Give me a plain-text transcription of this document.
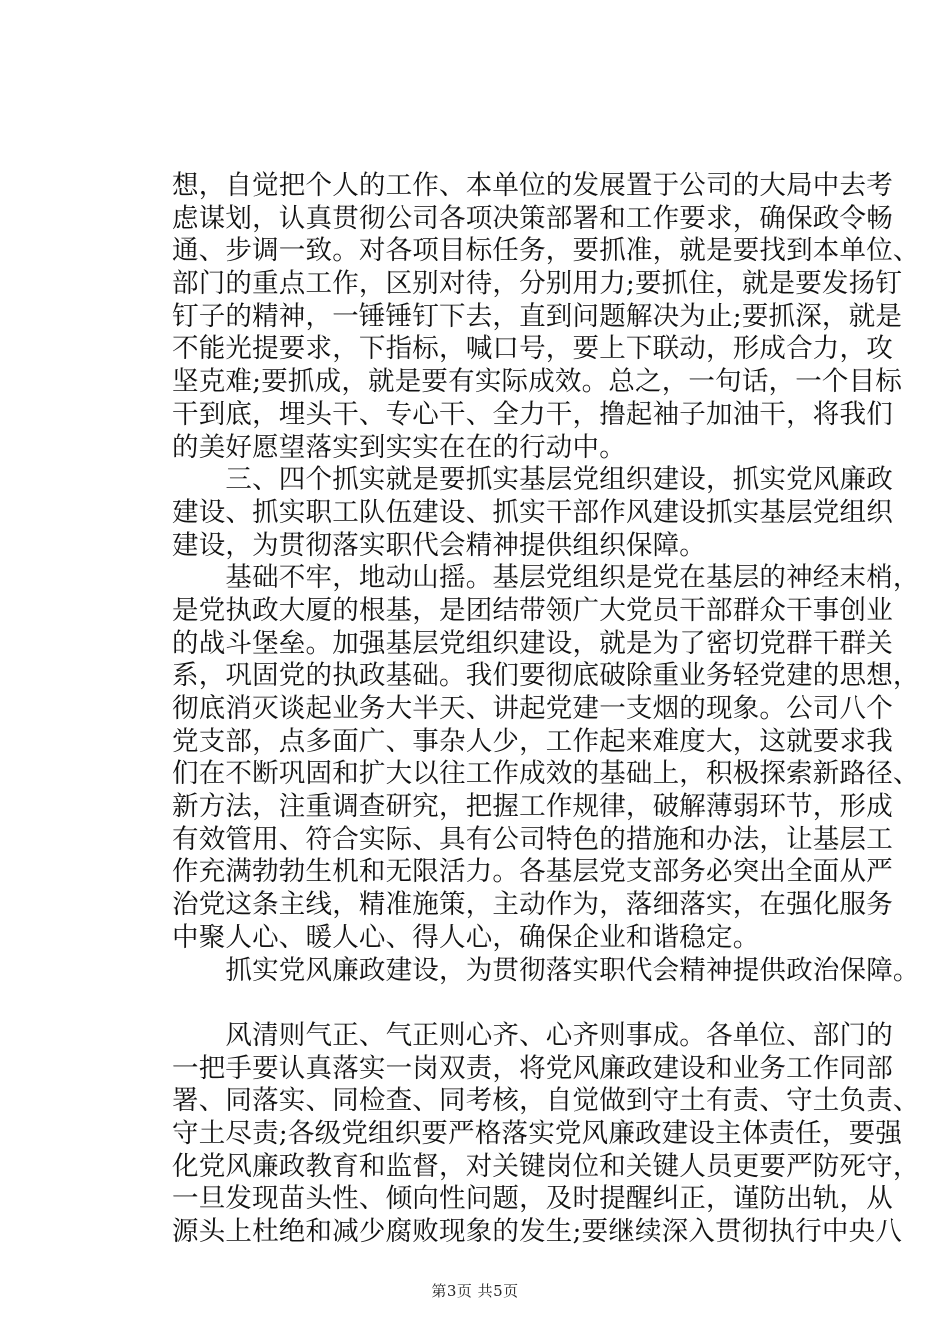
想，自觉把个人的工作、本单位的发展置于公司的大局中去考
虑谋划，认真贯彻公司各项决策部署和工作要求，确保政令畅
通、步调一致。对各项目标任务，要抓准，就是要找到本单位、
部门的重点工作，区别对待，分别用力;要抓住，就是要发扬钉
钉子的精神，一锤锤钉下去，直到问题解决为止;要抓深，就是
不能光提要求，下指标，喊口号，要上下联动，形成合力，攻
坚克难;要抓成，就是要有实际成效。总之，一句话，一个目标
干到底，埋头干、专心干、全力干，撸起袖子加油干，将我们
的美好愿望落实到实实在在的行动中。
　　三、四个抓实就是要抓实基层党组织建设，抓实党风廉政
建设、抓实职工队伍建设、抓实干部作风建设抓实基层党组织
建设，为贯彻落实职代会精神提供组织保障。
　　基础不牢，地动山摇。基层党组织是党在基层的神经末梢，
是党执政大厦的根基，是团结带领广大党员干部群众干事创业
的战斗堡垒。加强基层党组织建设，就是为了密切党群干群关
系，巩固党的执政基础。我们要彻底破除重业务轻党建的思想，
彻底消灭谈起业务大半天、讲起党建一支烟的现象。公司八个
党支部，点多面广、事杂人少，工作起来难度大，这就要求我
们在不断巩固和扩大以往工作成效的基础上，积极探索新路径、
新方法，注重调查研究，把握工作规律，破解薄弱环节，形成
有效管用、符合实际、具有公司特色的措施和办法，让基层工
作充满勃勃生机和无限活力。各基层党支部务必突出全面从严
治党这条主线，精准施策，主动作为，落细落实，在强化服务
中聚人心、暖人心、得人心，确保企业和谐稳定。
　　抓实党风廉政建设，为贯彻落实职代会精神提供政治保障。
　　风清则气正、气正则心齐、心齐则事成。各单位、部门的
一把手要认真落实一岗双责，将党风廉政建设和业务工作同部
署、同落实、同检查、同考核，自觉做到守土有责、守土负责、
守土尽责;各级党组织要严格落实党风廉政建设主体责任，要强
化党风廉政教育和监督，对关键岗位和关键人员更要严防死守，
一旦发现苗头性、倾向性问题，及时提醒纠正，谨防出轨，从
源头上杜绝和减少腐败现象的发生;要继续深入贯彻执行中央八
第3页 共5页
